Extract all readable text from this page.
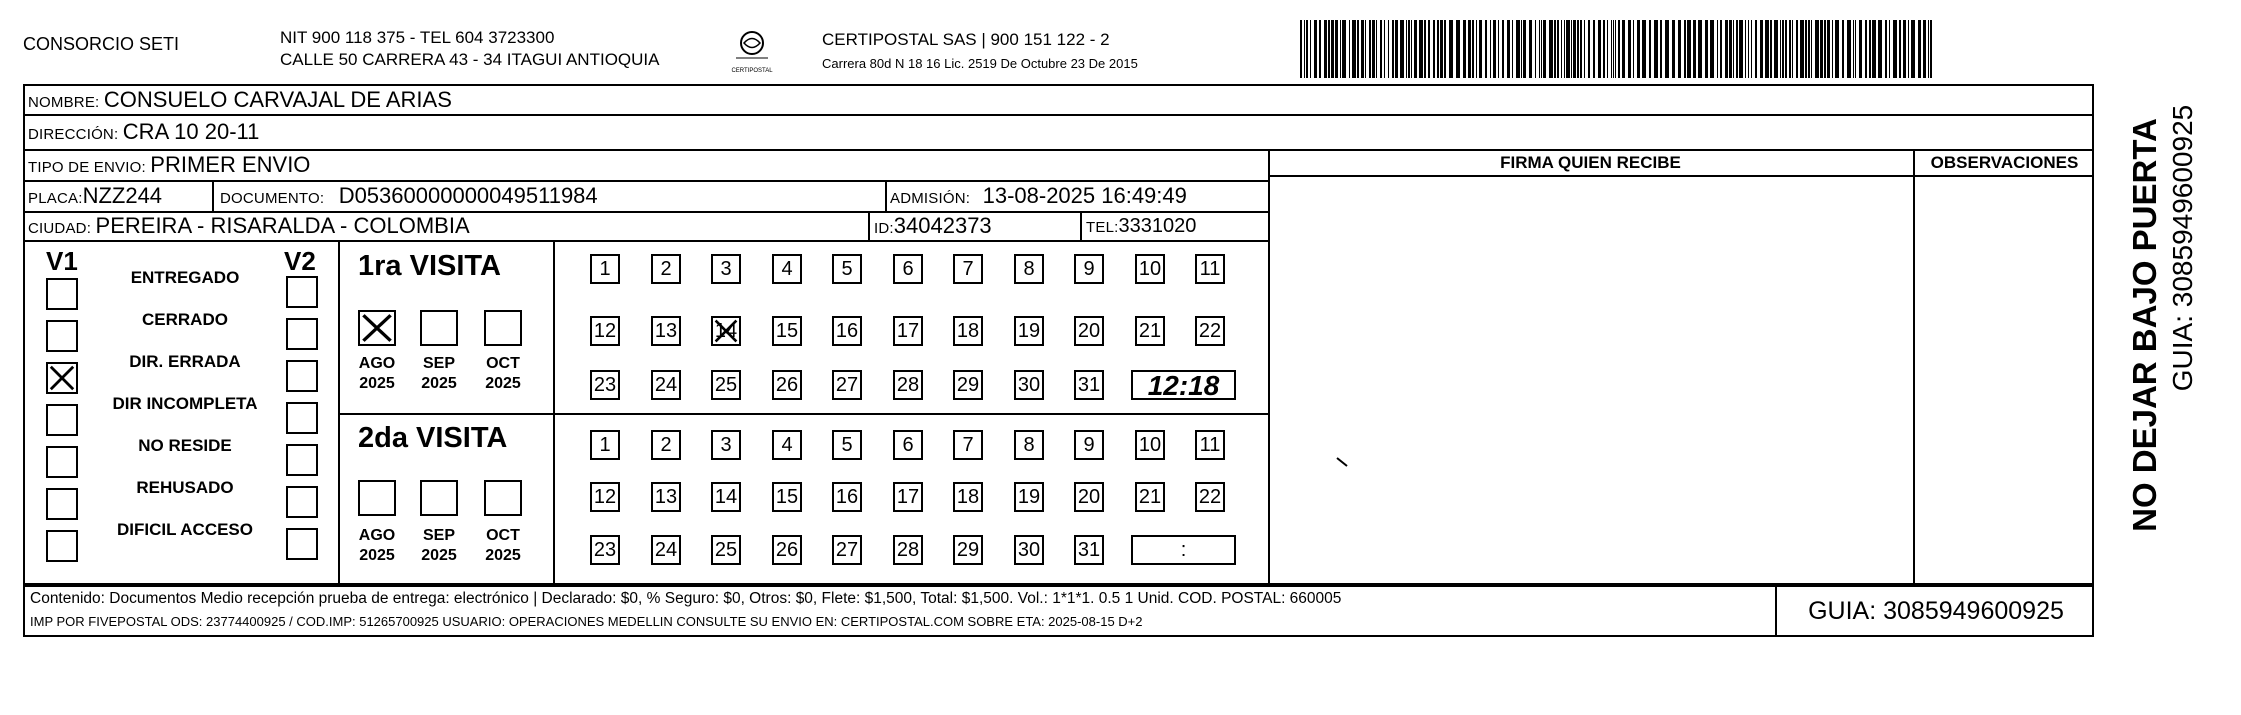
CONSORCIO SETI	NIT 900 118 375 - TEL 604 3723300
CALLE 50 CARRERA 43 - 34 ITAGUI ANTIOQUIA
CERTIPOSTAL
CERTIPOSTAL SAS | 900 151 122 - 2
Carrera 80d N 18 16 Lic. 2519 De Octubre 23 De 2015
NOMBRE: CONSUELO CARVAJAL DE ARIAS
DIRECCIÓN: CRA 10 20-11
TIPO DE ENVIO: PRIMER ENVIO	FIRMA QUIEN RECIBE	OBSERVACIONES
PLACA:NZZ244	DOCUMENTO: D05360000000049511984	ADMISIÓN: 13-08-2025 16:49:49
CIUDAD: PEREIRA - RISARALDA - COLOMBIA	ID:34042373	TEL:3331020
V1	V2
ENTREGADO
CERRADO
DIR. ERRADA
DIR INCOMPLETA
NO RESIDE
REHUSADO
DIFICIL ACCESO
1ra VISITA
2da VISITA
AGO
2025
SEP
2025
OCT
2025
AGO
2025
SEP
2025
OCT
2025
1	2	3	4	5	6	7	8	9	10 11
12 13 14 15 16 17 18 19 20 21 22
23 24 25 26 27 28 29 30 31	12:18
1	2	3	4	5	6	7	8	9	10 11
12 13 14 15 16 17 18 19 20 21 22
23 24 25 26 27 28 29 30 31	:
Contenido: Documentos Medio recepción prueba de entrega: electrónico | Declarado: $0, % Seguro: $0, Otros: $0, Flete: $1,500, Total: $1,500. Vol.: 1*1*1. 0.5 1 Unid. COD. POSTAL: 660005
IMP POR FIVEPOSTAL ODS: 23774400925 / COD.IMP: 51265700925 USUARIO: OPERACIONES MEDELLIN CONSULTE SU ENVIO EN: CERTIPOSTAL.COM SOBRE ETA: 2025-08-15 D+2	GUIA: 3085949600925
NO DEJAR BAJO PUERTA GUIA: 3085949600925
